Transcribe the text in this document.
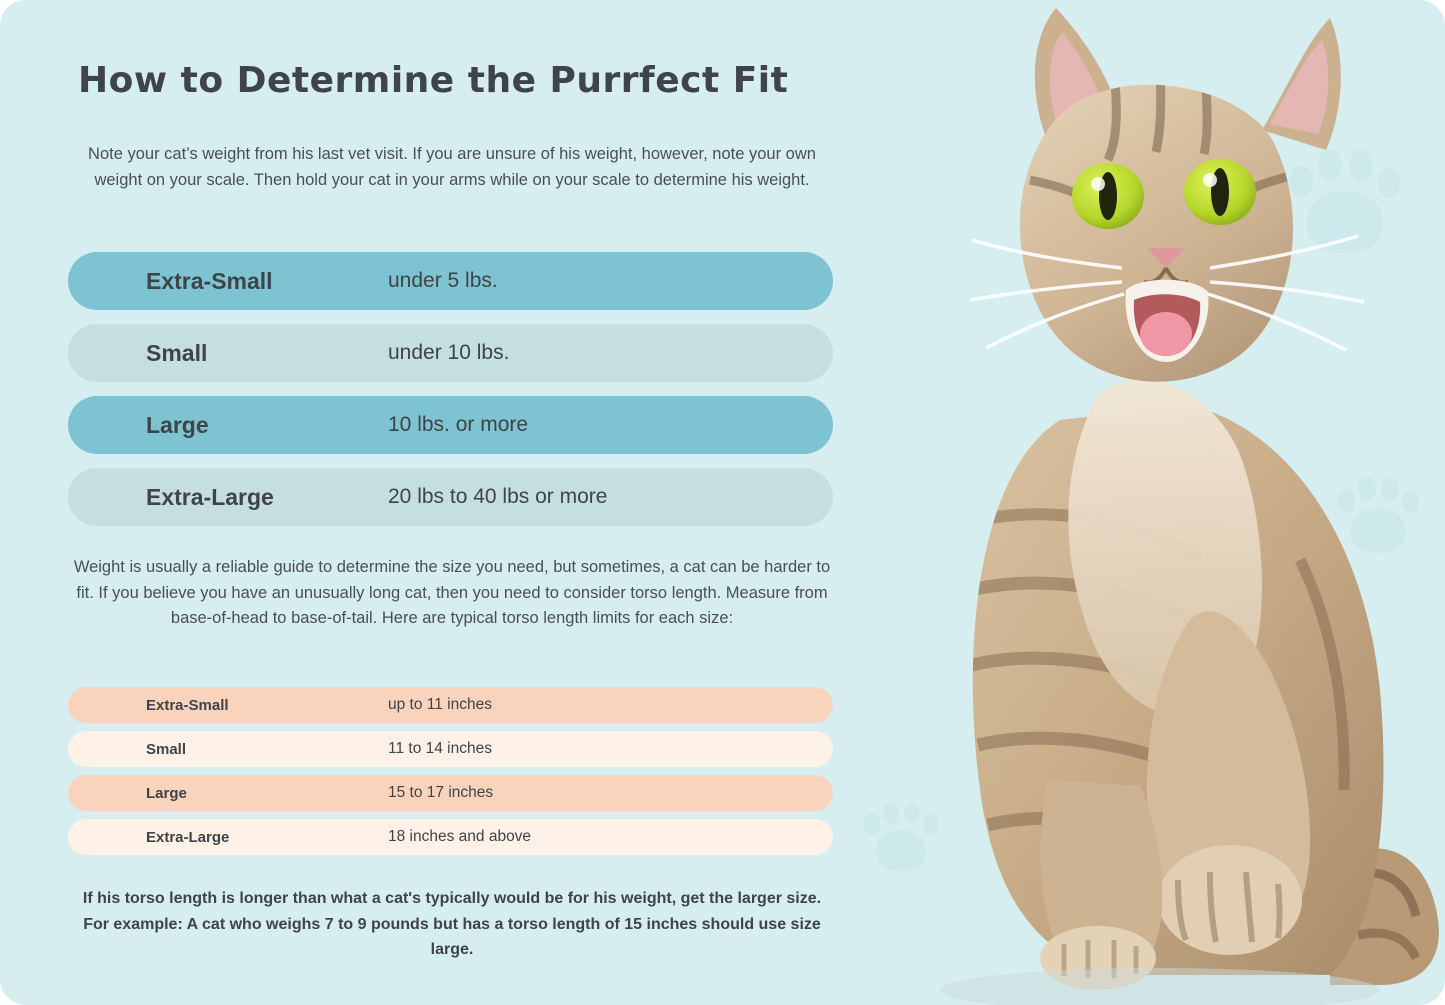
How to Determine the Purrfect Fit
Note your cat’s weight from his last vet visit. If you are unsure of his weight, however, note your own weight on your scale. Then hold your cat in your arms while on your scale to determine his weight.
Extra-Small	under 5 lbs.
Small	under 10 lbs.
Large	10 lbs. or more
Extra-Large	20 lbs to 40 lbs or more
Weight is usually a reliable guide to determine the size you need, but sometimes, a cat can be harder to fit. If you believe you have an unusually long cat, then you need to consider torso length. Measure from base-of-head to base-of-tail. Here are typical torso length limits for each size:
Extra-Small	up to 11 inches
Small	11 to 14 inches
Large	15 to 17 inches
Extra-Large	18 inches and above
If his torso length is longer than what a cat's typically would be for his weight, get the larger size. For example: A cat who weighs 7 to 9 pounds but has a torso length of 15 inches should use size large.
